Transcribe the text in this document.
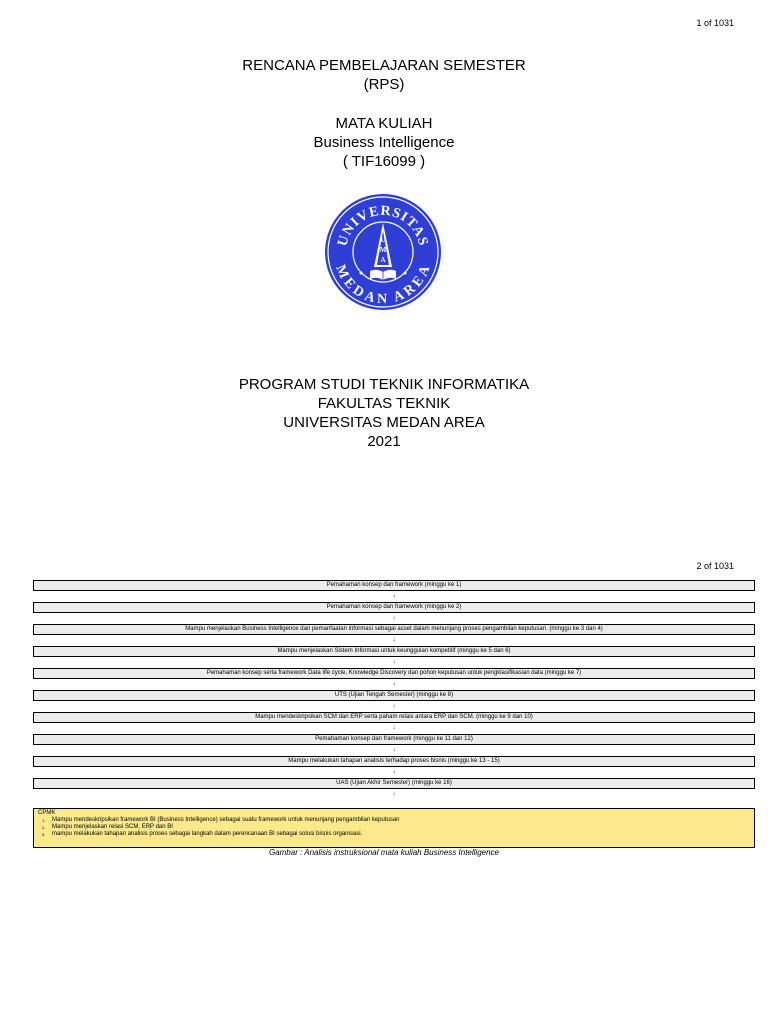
1 of 1031
RENCANA PEMBELAJARAN SEMESTER
(RPS)
MATA KULIAH
Business Intelligence
( TIF16099 )
UNIVERSITAS
MEDAN AREA
U
M
A
PROGRAM STUDI TEKNIK INFORMATIKA
FAKULTAS TEKNIK
UNIVERSITAS MEDAN AREA
2021
2 of 1031
Pemahaman konsep dan framework (minggu ke 1)
↓
Pemahaman konsep dan framework (minggu ke 2)
↓
Mampu menjelaskan Business Intelligence dan pemanfaatan informasi sebagai asset dalam menunjang proses pengambilan keputusan. (minggu ke 3 dan 4)
↓
Mampu menjelaskan Sistem Informasi untuk keunggulan kompetitif (minggu ke 5 dan 6)
↓
Pemahaman konsep serta framework Data life cycle, Knowledge Discovery dan pohon keputusan untuk pengklasifikasian data (minggu ke 7)
↓
UTS (Ujian Tengah Semester) (minggu ke 8)
↓
Mampu mendeskripsikan SCM dan ERP serta paham relasi antara ERP dan SCM. (minggu ke 9 dan 10)
↓
Pemahaman konsep dan framework (minggu ke 11 dan 12)
↓
Mampu melakukan tahapan analisis terhadap proses bisnis (minggu ke 13 - 15)
↓
UAS (Ujian Akhir Semester) (minggu ke 16)
↓
CPMK
1.	Mampu mendeskripsikan framework BI (Business Intelligence) sebagai suatu framework untuk menunjang pengambilan keputusan
2.	Mampu menjelaskan relasi SCM, ERP dan BI
3.	mampu melakukan tahapan analisis proses sebagai langkah dalam perencanaan BI sebagai solusi bisnis organisasi.
Gambar : Analisis instruksional mata kuliah Business Intelligence
